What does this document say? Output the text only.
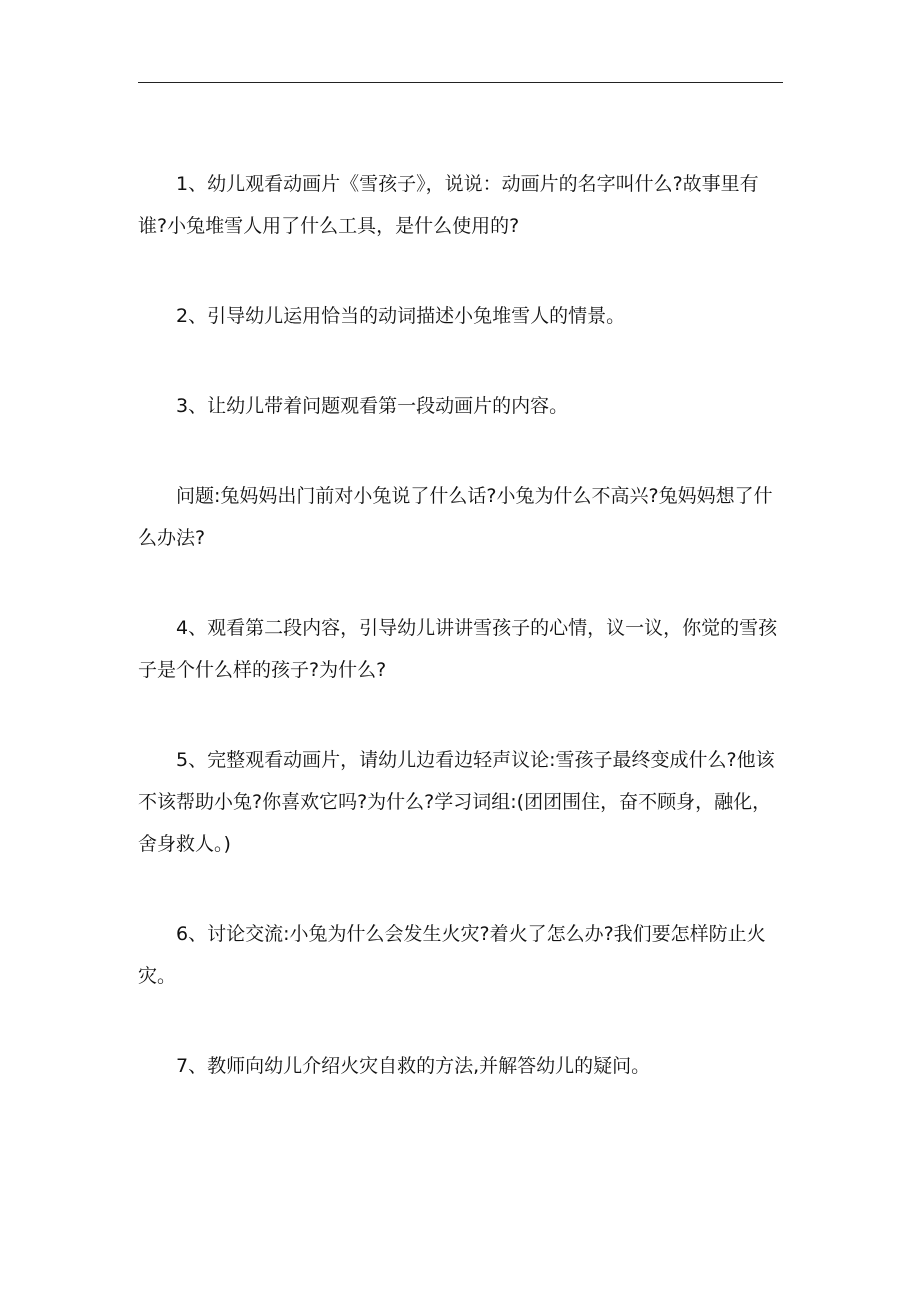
1、幼儿观看动画片《雪孩子》，说说：动画片的名字叫什么?故事里有谁?小兔堆雪人用了什么工具，是什么使用的?

2、引导幼儿运用恰当的动词描述小兔堆雪人的情景。

3、让幼儿带着问题观看第一段动画片的内容。

问题:兔妈妈出门前对小兔说了什么话?小兔为什么不高兴?兔妈妈想了什么办法?

4、观看第二段内容，引导幼儿讲讲雪孩子的心情，议一议，你觉的雪孩子是个什么样的孩子?为什么?

5、完整观看动画片，请幼儿边看边轻声议论:雪孩子最终变成什么?他该不该帮助小兔?你喜欢它吗?为什么?学习词组:(团团围住，奋不顾身，融化，舍身救人。)

6、讨论交流:小兔为什么会发生火灾?着火了怎么办?我们要怎样防止火灾。

7、教师向幼儿介绍火灾自救的方法,并解答幼儿的疑问。
